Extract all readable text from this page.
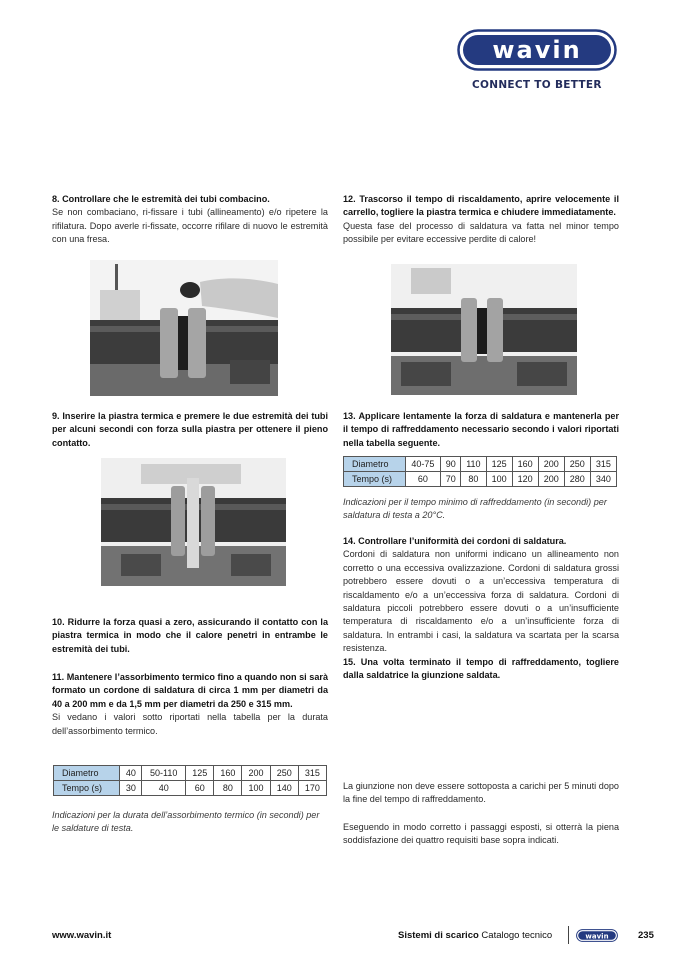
wavin
CONNECT TO BETTER
8. Controllare che le estremità dei tubi combacino.
Se non combaciano, ri-fissare i tubi (allineamento) e/o ripetere la rifilatura. Dopo averle ri-fissate, occorre rifilare di nuovo le estremità con una fresa.
9. Inserire la piastra termica e premere le due estremità dei tubi per alcuni secondi con forza sulla piastra per ottenere il pieno contatto.
10. Ridurre la forza quasi a zero, assicurando il contatto con la piastra termica in modo che il calore penetri in entrambe le estremità dei tubi.
11. Mantenere l’assorbimento termico fino a quando non si sarà formato un cordone di saldatura di circa 1 mm per diametri da 40 a 200 mm e da 1,5 mm per diametri da 250 e 315 mm.
Si vedano i valori sotto riportati nella tabella per la durata dell’assorbimento termico.
Diametro	40	50-110	125	160	200	250	315
Tempo (s)	30	40	60	80	100	140	170
Indicazioni per la durata dell’assorbimento termico (in secondi) per le saldature di testa.
12. Trascorso il tempo di riscaldamento, aprire velocemente il carrello, togliere la piastra termica e chiudere immediatamente.
Questa fase del processo di saldatura va fatta nel minor tempo possibile per evitare eccessive perdite di calore!
13. Applicare lentamente la forza di saldatura e mantenerla per il tempo di raffreddamento necessario secondo i valori riportati nella tabella seguente.
Diametro	40-75	90	110	125	160	200	250	315
Tempo (s)	60	70	80	100	120	200	280	340
Indicazioni per il tempo minimo di raffreddamento (in secondi) per saldatura di testa a 20°C.
14. Controllare l’uniformità dei cordoni di saldatura.
Cordoni di saldatura non uniformi indicano un allineamento non corretto o una eccessiva ovalizzazione. Cordoni di saldatura grossi potrebbero essere dovuti o a un’eccessiva temperatura di riscaldamento e/o a un’eccessiva forza di saldatura. Cordoni di saldatura piccoli potrebbero essere dovuti o a un’insufficiente temperatura di riscaldamento e/o a un’insufficiente forza di saldatura. In entrambi i casi, la saldatura va scartata per la scarsa resistenza.
15. Una volta terminato il tempo di raffreddamento, togliere dalla saldatrice la giunzione saldata.
La giunzione non deve essere sottoposta a carichi per 5 minuti dopo la fine del tempo di raffreddamento.
Eseguendo in modo corretto i passaggi esposti, si otterrà la piena soddisfazione dei quattro requisiti base sopra indicati.
www.wavin.it	Sistemi di scarico Catalogo tecnico	wavin	235
